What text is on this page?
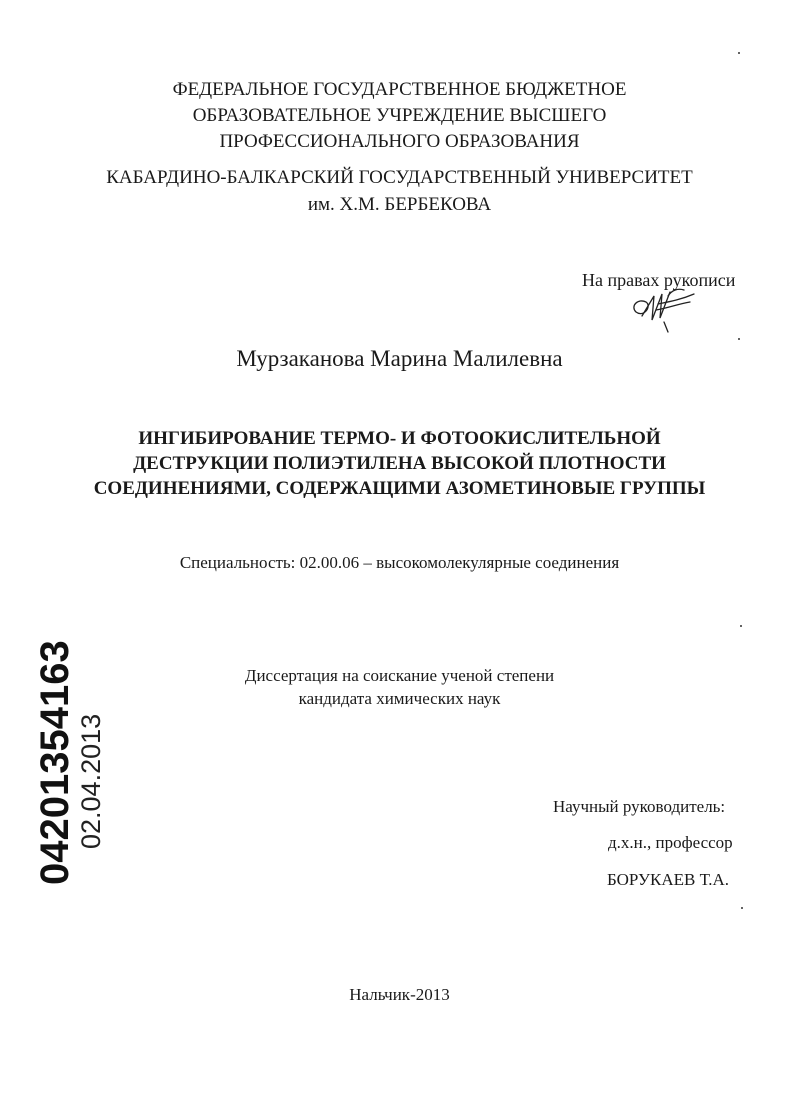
ФЕДЕРАЛЬНОЕ ГОСУДАРСТВЕННОЕ БЮДЖЕТНОЕ
ОБРАЗОВАТЕЛЬНОЕ УЧРЕЖДЕНИЕ ВЫСШЕГО
ПРОФЕССИОНАЛЬНОГО ОБРАЗОВАНИЯ
КАБАРДИНО-БАЛКАРСКИЙ ГОСУДАРСТВЕННЫЙ УНИВЕРСИТЕТ
им. Х.М. БЕРБЕКОВА
На правах рукописи
Мурзаканова Марина Малилевна
ИНГИБИРОВАНИЕ ТЕРМО- И ФОТООКИСЛИТЕЛЬНОЙ
ДЕСТРУКЦИИ ПОЛИЭТИЛЕНА ВЫСОКОЙ ПЛОТНОСТИ
СОЕДИНЕНИЯМИ, СОДЕРЖАЩИМИ АЗОМЕТИНОВЫЕ ГРУППЫ
Специальность: 02.00.06 – высокомолекулярные соединения
Диссертация на соискание ученой степени
кандидата химических наук
Научный руководитель:
д.х.н., профессор
БОРУКАЕВ Т.А.
Нальчик-2013
04201354163 02.04.2013
